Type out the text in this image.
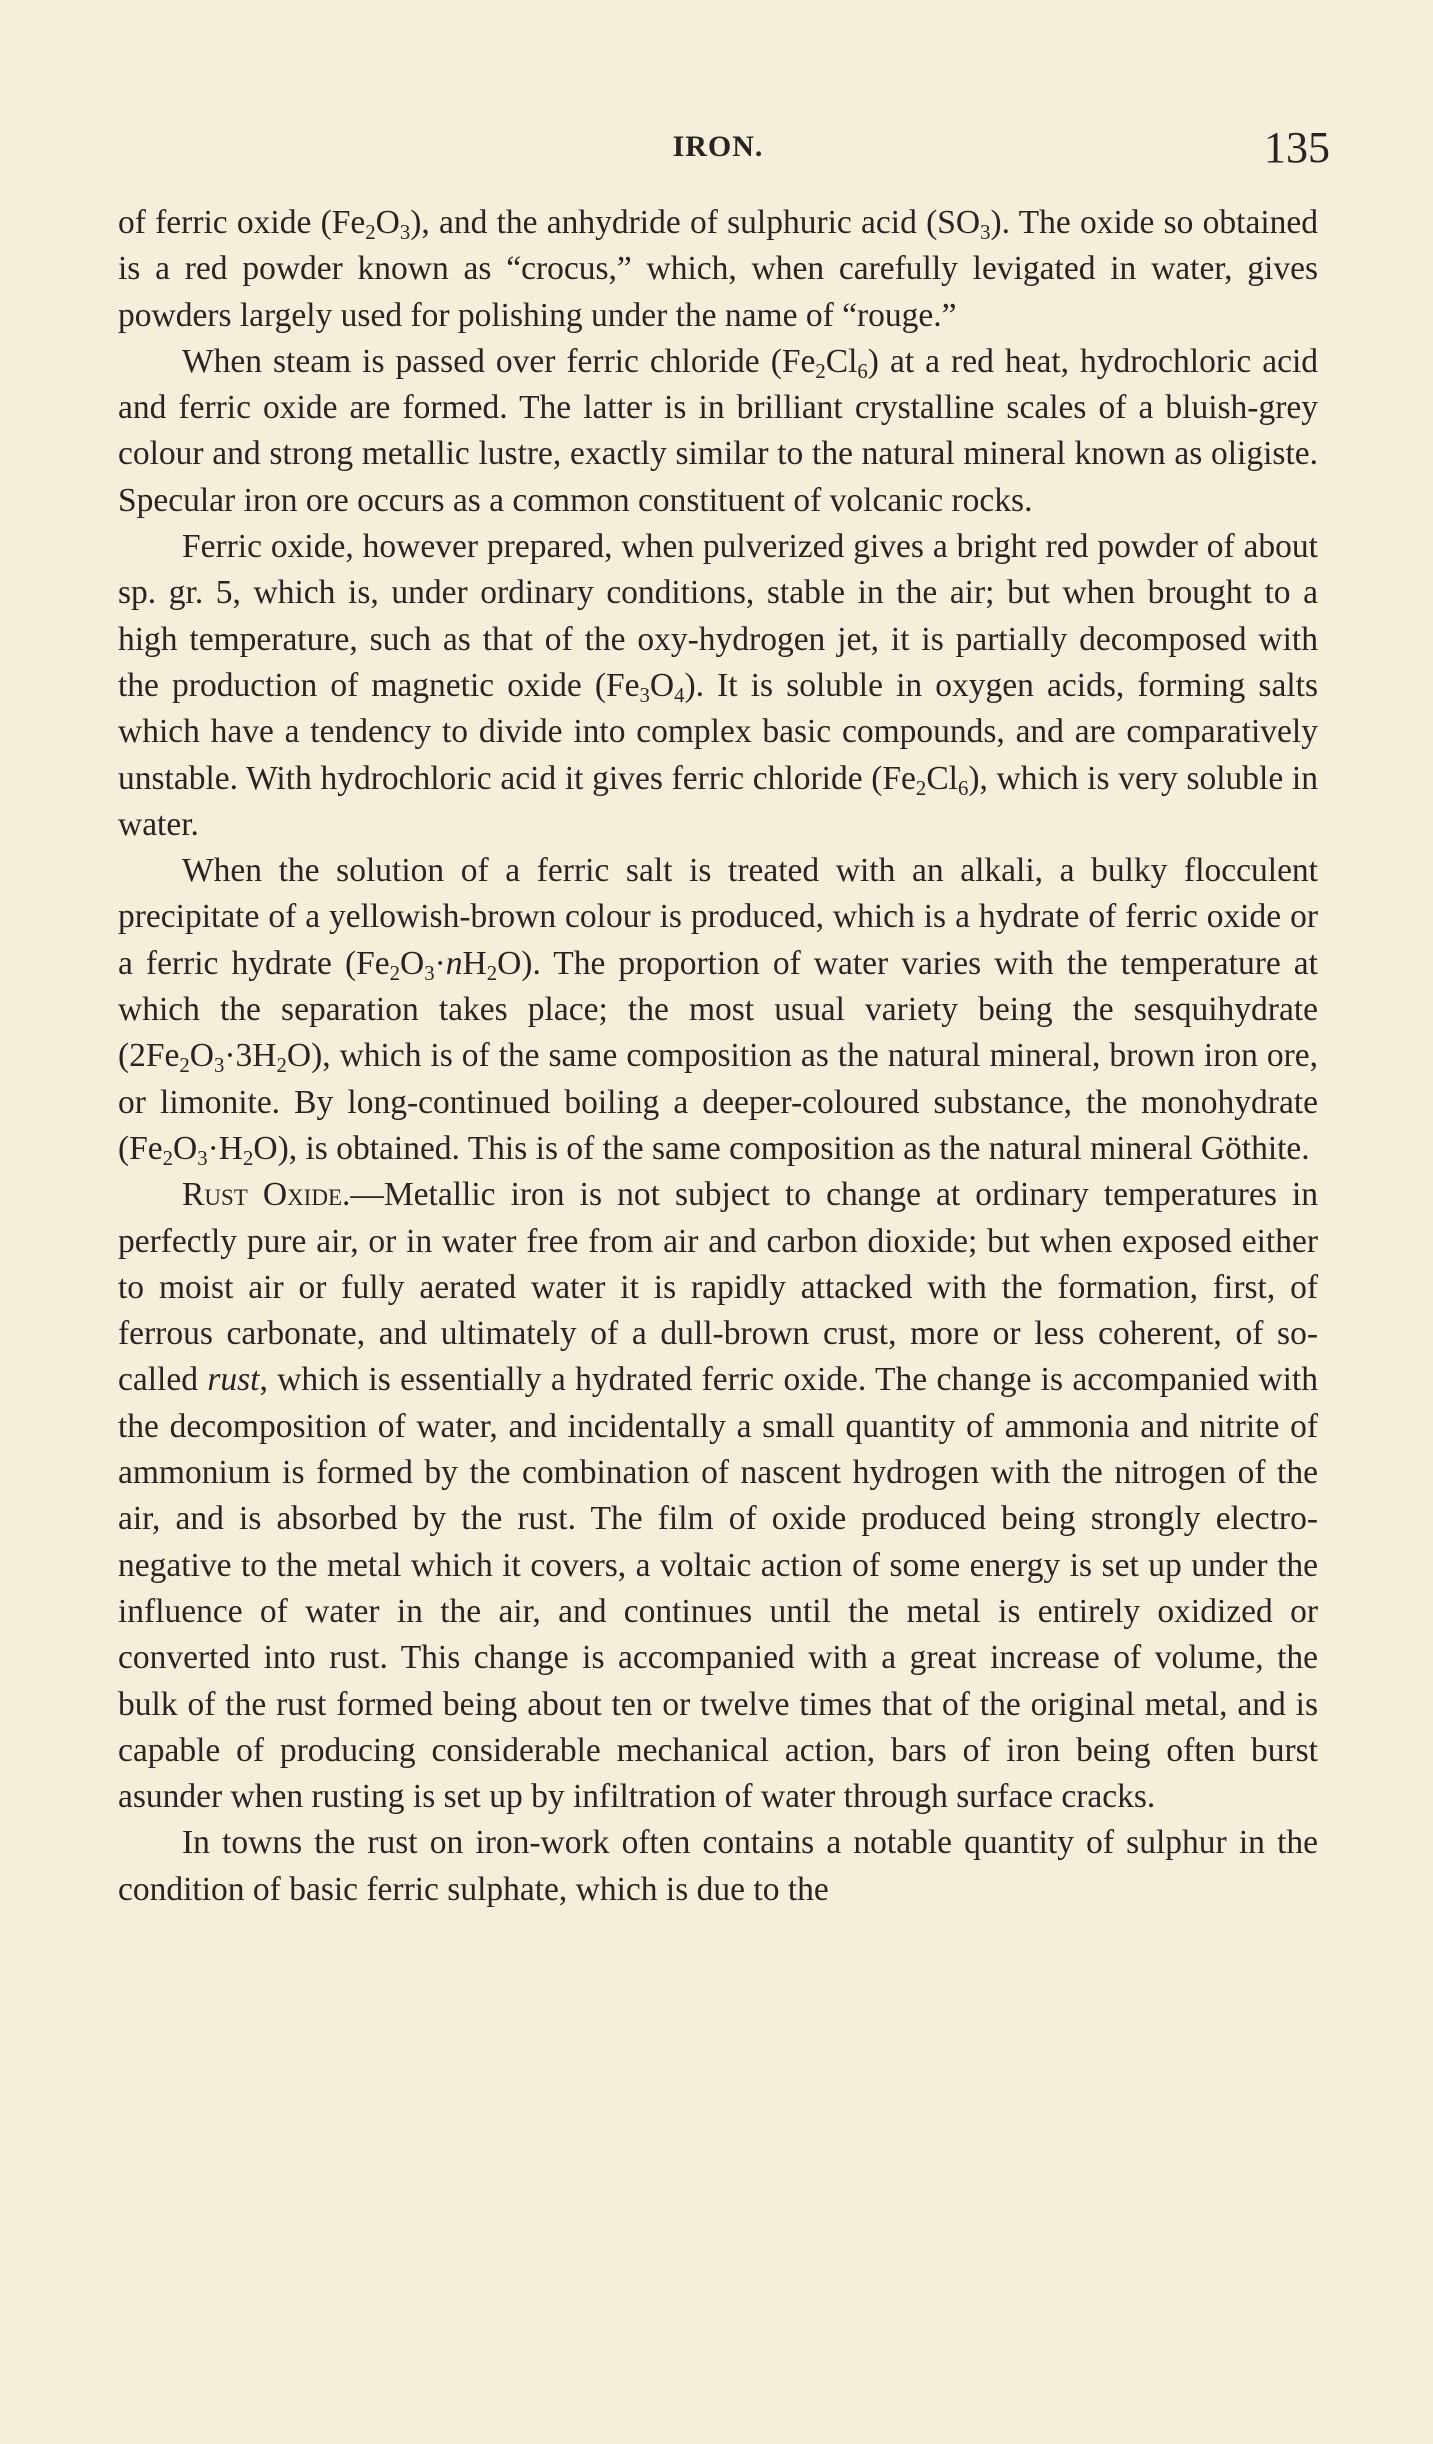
IRON.	135

of ferric oxide $(Fe_2O_3)$, and the anhydride of sulphuric acid $(SO_3)$. The oxide so obtained is a red powder known as “crocus,” which, when carefully levigated in water, gives powders largely used for polishing under the name of “rouge.”

When steam is passed over ferric chloride $(Fe_2Cl_6)$ at a red heat, hydrochloric acid and ferric oxide are formed. The latter is in brilliant crystalline scales of a bluish-grey colour and strong metallic lustre, exactly similar to the natural mineral known as oligiste. Specular iron ore occurs as a common constituent of volcanic rocks.

Ferric oxide, however prepared, when pulverized gives a bright red powder of about sp. gr. 5, which is, under ordinary conditions, stable in the air; but when brought to a high temperature, such as that of the oxy-hydrogen jet, it is partially decomposed with the production of magnetic oxide $(Fe_3O_4)$. It is soluble in oxygen acids, forming salts which have a tendency to divide into complex basic compounds, and are comparatively unstable. With hydrochloric acid it gives ferric chloride $(Fe_2Cl_6)$, which is very soluble in water.

When the solution of a ferric salt is treated with an alkali, a bulky flocculent precipitate of a yellowish-brown colour is produced, which is a hydrate of ferric oxide or a ferric hydrate $(Fe_2O_3\cdot nH_2O)$. The proportion of water varies with the temperature at which the separation takes place; the most usual variety being the sesquihydrate $(2Fe_2O_3\cdot 3H_2O)$, which is of the same composition as the natural mineral, brown iron ore, or limonite. By long-continued boiling a deeper-coloured substance, the monohydrate $(Fe_2O_3\cdot H_2O)$, is obtained. This is of the same composition as the natural mineral Göthite.

Rust Oxide.—Metallic iron is not subject to change at ordinary temperatures in perfectly pure air, or in water free from air and carbon dioxide; but when exposed either to moist air or fully aerated water it is rapidly attacked with the formation, first, of ferrous carbonate, and ultimately of a dull-brown crust, more or less coherent, of so-called rust, which is essentially a hydrated ferric oxide. The change is accompanied with the decomposition of water, and incidentally a small quantity of ammonia and nitrite of ammonium is formed by the combination of nascent hydrogen with the nitrogen of the air, and is absorbed by the rust. The film of oxide produced being strongly electro-negative to the metal which it covers, a voltaic action of some energy is set up under the influence of water in the air, and continues until the metal is entirely oxidized or converted into rust. This change is accompanied with a great increase of volume, the bulk of the rust formed being about ten or twelve times that of the original metal, and is capable of producing considerable mechanical action, bars of iron being often burst asunder when rusting is set up by infiltration of water through surface cracks.

In towns the rust on iron-work often contains a notable quantity of sulphur in the condition of basic ferric sulphate, which is due to the
